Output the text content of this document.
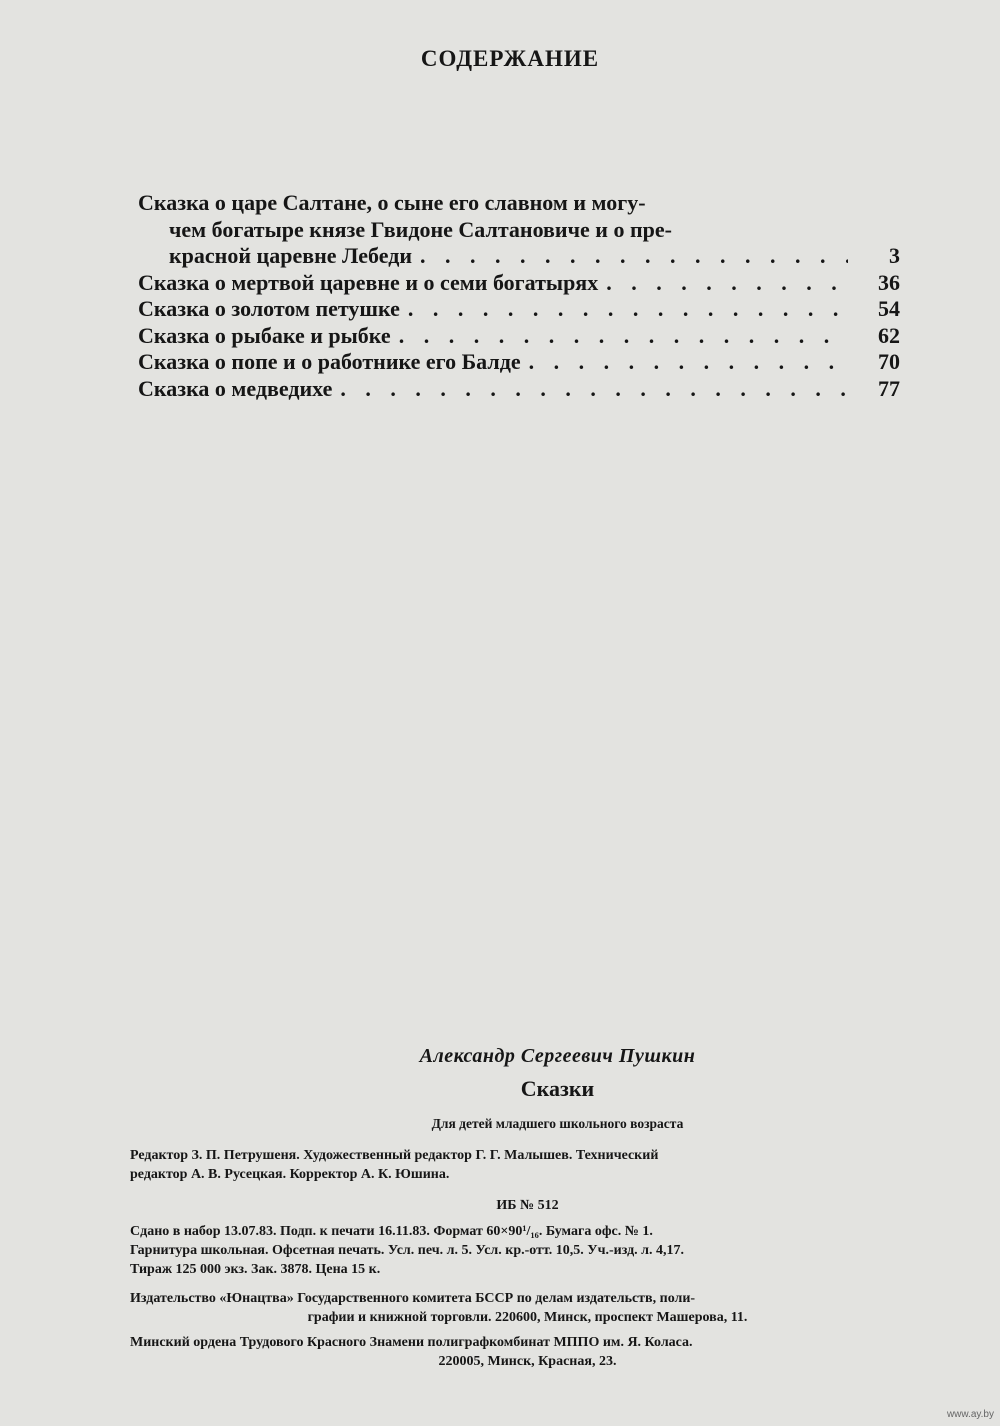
СОДЕРЖАНИЕ
Сказка о царе Салтане, о сыне его славном и могу-
чем богатыре князе Гвидоне Салтановиче и о пре-
красной царевне Лебеди . . .	3
Сказка о мертвой царевне и о семи богатырях . . .	36
Сказка о золотом петушке . . .	54
Сказка о рыбаке и рыбке . . .	62
Сказка о попе и о работнике его Балде . . .	70
Сказка о медведихе . . .	77
Александр Сергеевич Пушкин
Сказки
Для детей младшего школьного возраста
Редактор З. П. Петрушеня. Художественный редактор Г. Г. Малышев. Технический
редактор А. В. Русецкая. Корректор А. К. Юшина.
ИБ № 512
Сдано в набор 13.07.83. Подп. к печати 16.11.83. Формат 60×90¹/₁₆. Бумага офс. № 1.
Гарнитура школьная. Офсетная печать. Усл. печ. л. 5. Усл. кр.-отт. 10,5. Уч.-изд. л. 4,17.
Тираж 125 000 экз. Зак. 3878. Цена 15 к.
Издательство «Юнацтва» Государственного комитета БССР по делам издательств, поли-
графии и книжной торговли. 220600, Минск, проспект Машерова, 11.
Минский ордена Трудового Красного Знамени полиграфкомбинат МППО им. Я. Коласа.
220005, Минск, Красная, 23.
www.ay.by
